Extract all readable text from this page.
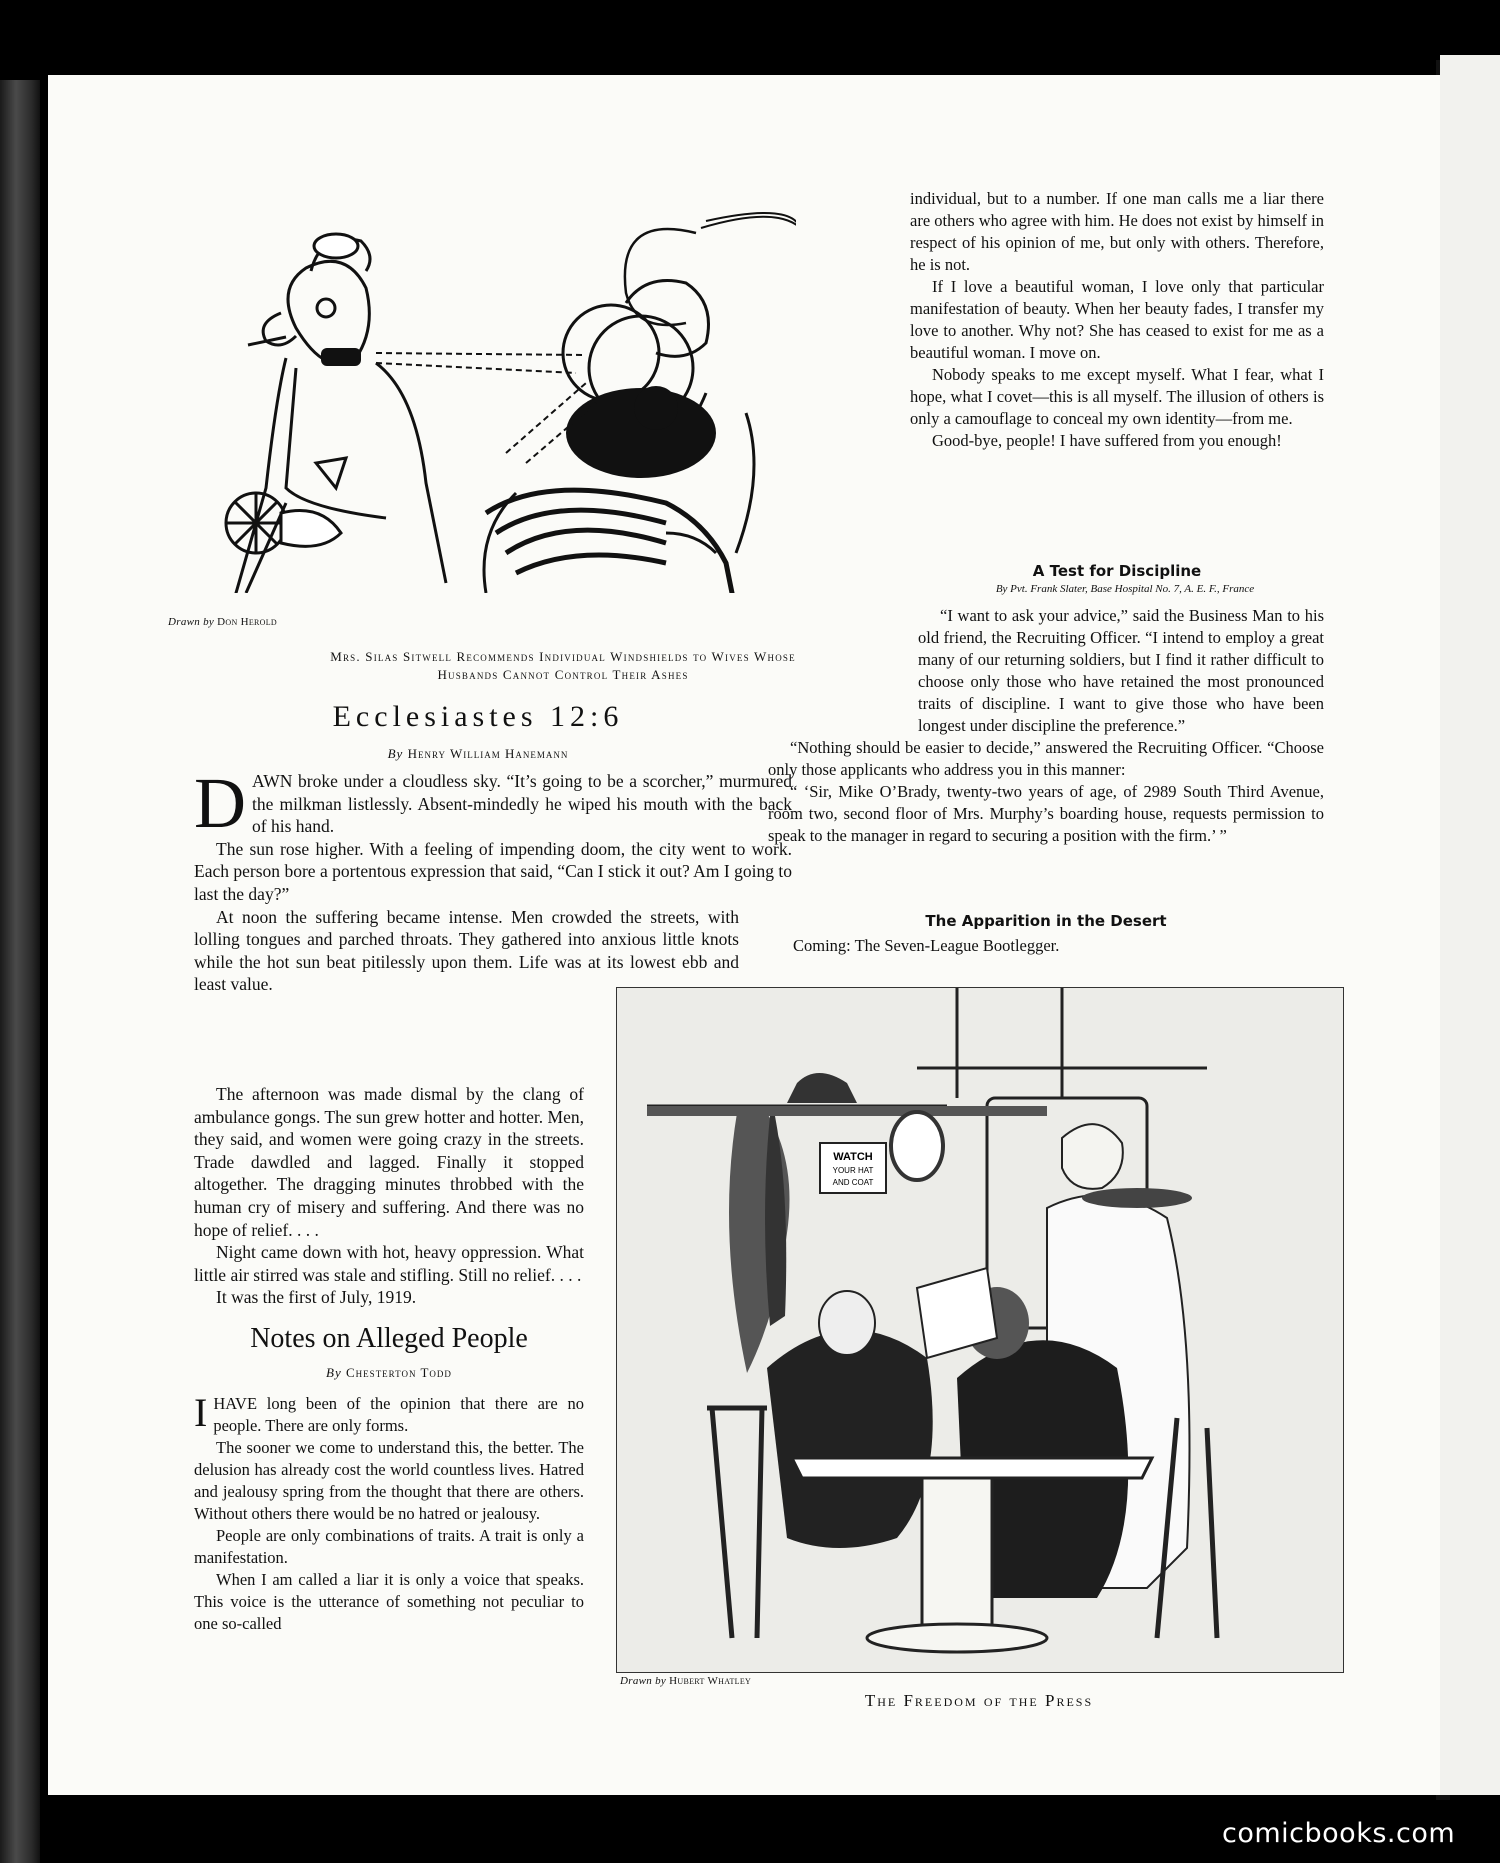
Drawn by Don Herold
Mrs. Silas Sitwell Recommends Individual Windshields to Wives Whose
Husbands Cannot Control Their Ashes
Ecclesiastes 12:6
By Henry William Hanemann

DAWN broke under a cloudless sky. “It’s going to be a scorcher,” murmured the milkman listlessly. Absent-mindedly he wiped his mouth with the back of his hand.

The sun rose higher. With a feeling of impending doom, the city went to work. Each person bore a portentous expression that said, “Can I stick it out? Am I going to last the day?”

At noon the suffering became intense. Men crowded the streets, with lolling tongues and parched throats. They gathered into anxious little knots while the hot sun beat pitilessly upon them. Life was at its lowest ebb and least value.

The afternoon was made dismal by the clang of ambulance gongs. The sun grew hotter and hotter. Men, they said, and women were going crazy in the streets. Trade dawdled and lagged. Finally it stopped altogether. The dragging minutes throbbed with the human cry of misery and suffering. And there was no hope of relief. . . .

Night came down with hot, heavy oppression. What little air stirred was stale and stifling. Still no relief. . . .

It was the first of July, 1919.

Notes on Alleged People
By Chesterton Todd

IHAVE long been of the opinion that there are no people. There are only forms.

The sooner we come to understand this, the better. The delusion has already cost the world countless lives. Hatred and jealousy spring from the thought that there are others. Without others there would be no hatred or jealousy.

People are only combinations of traits. A trait is only a manifestation.

When I am called a liar it is only a voice that speaks. This voice is the utterance of something not peculiar to one so-called

individual, but to a number. If one man calls me a liar there are others who agree with him. He does not exist by himself in respect of his opinion of me, but only with others. Therefore, he is not.

If I love a beautiful woman, I love only that particular manifestation of beauty. When her beauty fades, I transfer my love to another. Why not? She has ceased to exist for me as a beautiful woman. I move on.

Nobody speaks to me except myself. What I fear, what I hope, what I covet—this is all myself. The illusion of others is only a camouflage to conceal my own identity—from me.

Good-bye, people! I have suffered from you enough!

A Test for Discipline
By Pvt. Frank Slater, Base Hospital No. 7, A. E. F., France

“I want to ask your advice,” said the Business Man to his old friend, the Recruiting Officer. “I intend to employ a great many of our returning soldiers, but I find it rather difficult to choose only those who have retained the most pronounced traits of discipline. I want to give those who have been longest under discipline the preference.”

“Nothing should be easier to decide,” answered the Recruiting Officer. “Choose only those applicants who address you in this manner:

“ ‘Sir, Mike O’Brady, twenty-two years of age, of 2989 South Third Avenue, room two, second floor of Mrs. Murphy’s boarding house, requests permission to speak to the manager in regard to securing a position with the firm.’ ”

The Apparition in the Desert
Coming: The Seven-League Bootlegger.
WATCH
YOUR HAT
AND COAT
Drawn by Hubert Whatley
The Freedom of the Press
comicbooks.com
